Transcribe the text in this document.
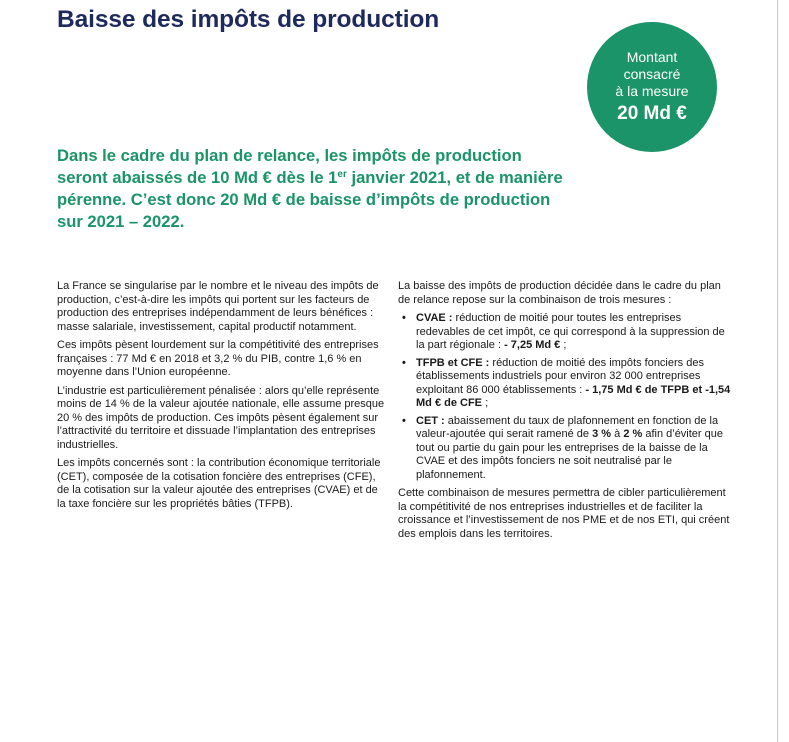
Baisse des impôts de production
Montant
consacré
à la mesure
20 Md €

Dans le cadre du plan de relance, les impôts de production seront abaissés de 10 Md € dès le 1er janvier 2021, et de manière pérenne. C’est donc 20 Md € de baisse d’impôts de production sur 2021 – 2022.

La France se singularise par le nombre et le niveau des impôts de production, c’est-à-dire les impôts qui portent sur les facteurs de production des entreprises indépendamment de leurs bénéfices : masse salariale, investissement, capital productif notamment.

Ces impôts pèsent lourdement sur la compétitivité des entreprises françaises : 77 Md € en 2018 et 3,2 % du PIB, contre 1,6 % en moyenne dans l’Union européenne.

L’industrie est particulièrement pénalisée : alors qu’elle représente moins de 14 % de la valeur ajoutée nationale, elle assume presque 20 % des impôts de production. Ces impôts pèsent également sur l’attractivité du territoire et dissuade l’implantation des entreprises industrielles.

Les impôts concernés sont : la contribution économique territoriale (CET), composée de la cotisation foncière des entreprises (CFE), de la cotisation sur la valeur ajoutée des entreprises (CVAE) et de la taxe foncière sur les propriétés bâties (TFPB).

La baisse des impôts de production décidée dans le cadre du plan de relance repose sur la combinaison de trois mesures :

• CVAE : réduction de moitié pour toutes les entreprises redevables de cet impôt, ce qui correspond à la suppression de la part régionale : - 7,25 Md € ;
• TFPB et CFE : réduction de moitié des impôts fonciers des établissements industriels pour environ 32 000 entreprises exploitant 86 000 établissements : - 1,75 Md € de TFPB et -1,54 Md € de CFE ;
• CET : abaissement du taux de plafonnement en fonction de la valeur-ajoutée qui serait ramené de 3 % à 2 % afin d’éviter que tout ou partie du gain pour les entreprises de la baisse de la CVAE et des impôts fonciers ne soit neutralisé par le plafonnement.

Cette combinaison de mesures permettra de cibler particulièrement la compétitivité de nos entreprises industrielles et de faciliter la croissance et l’investissement de nos PME et de nos ETI, qui créent des emplois dans les territoires.
